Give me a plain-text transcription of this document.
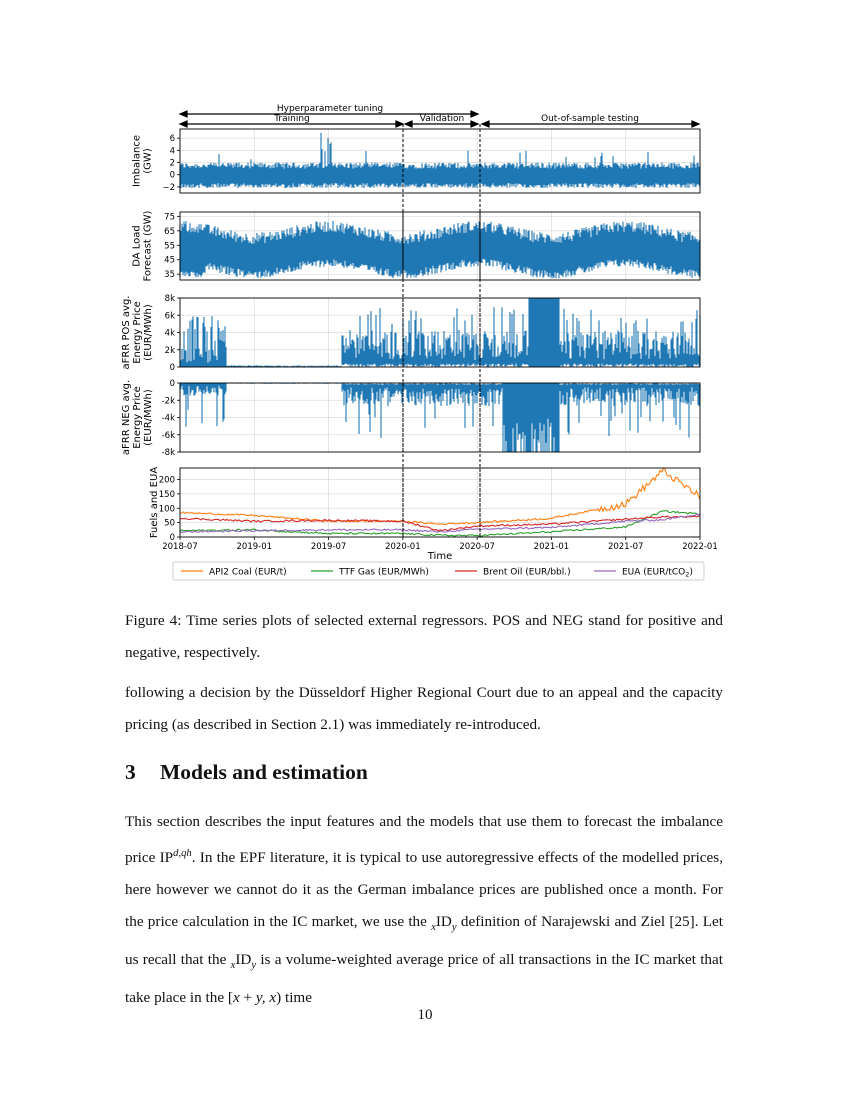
Hyperparameter tuning
Training	Validation	Out-of-sample testing
−2
0
2
4
6
Imbalance (GW)
35
45
55
65
75
DA Load Forecast (GW)
0
2k
4k
6k
8k
aFRR POS avg. Energy Price (EUR/MWh)
0
-2k
-4k
-6k
-8k
aFRR NEG avg. Energy Price (EUR/MWh)
0
50
100
150
200
Fuels and EUA
2018-07	2019-01	2019-07	2020-01	2020-07	2021-01	2021-07	2022-01
Time
API2 Coal (EUR/t)	TTF Gas (EUR/MWh)	Brent Oil (EUR/bbl.)	EUA (EUR/tCO$_2$)
Figure 4: Time series plots of selected external regressors. POS and NEG stand for positive and negative, respectively.
following a decision by the Düsseldorf Higher Regional Court due to an appeal and the capacity pricing (as described in Section 2.1) was immediately re-introduced.
3 Models and estimation
This section describes the input features and the models that use them to forecast the imbalance price $IP^{d,qh}$. In the EPF literature, it is typical to use autoregressive effects of the modelled prices, here however we cannot do it as the German imbalance prices are published once a month. For the price calculation in the IC market, we use the $_xID_y$ definition of Narajewski and Ziel [25]. Let us recall that the $_xID_y$ is a volume-weighted average price of all transactions in the IC market that take place in the [x + y, x) time
10
